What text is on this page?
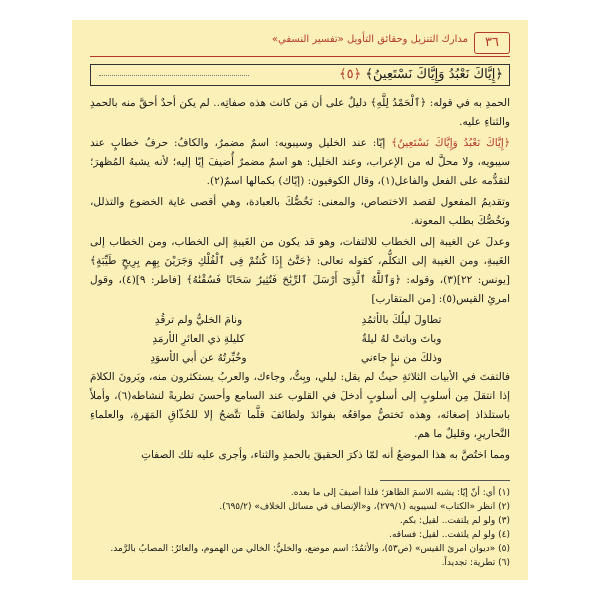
٣٦
مدارك التنزيل وحقائق التأويل «تفسير النسفي»
﴿إِيَّاكَ نَعْبُدُ وَإِيَّاكَ نَسْتَعِينُ﴾ ﴿٥﴾

الحمدِ به في قوله: ﴿ٱلْحَمْدُ لِلَّهِ﴾ دليلٌ على أن مَن كانت هذه صفاتِه.. لم يكن أحدٌ أحقَّ منه بالحمدِ والثناءِ عليه.

﴿إِيَّاكَ نَعْبُدُ وَإِيَّاكَ نَسْتَعِينُ﴾ إيّا: عند الخليل وسيبويه: اسمٌ مضمرٌ، والكافُ: حرفُ خطابٍ عند سيبويه، ولا محلَّ له من الإعراب، وعند الخليل: هو اسمٌ مضمرٌ أُضيفَ إيّا إليه؛ لأنه يشبهُ المُظهرَ؛ لتقدُّمه على الفعل والفاعل(١)، وقال الكوفيون: (إيّاك) بكمالها اسمٌ(٢).

وتقديمُ المفعول لقصد الاختصاص، والمعنى: نَخُصُّكَ بالعبادة، وهي أقصى غاية الخضوع والتذلل، ونَخُصُّكَ بطلب المعونة.

وعدلَ عن الغيبة إلى الخطاب للالتفات، وهو قد يكون من الغَيبةِ إلى الخطاب، ومن الخطاب إلى الغَيبةِ، ومن الغيبة إلى التكلُّم، كقوله تعالى: ﴿حَتَّىٰٓ إِذَا كُنتُمْ فِى ٱلْفُلْكِ وَجَرَيْنَ بِهِم بِرِيحٍ طَيِّبَةٍ﴾ [يونس: ٢٢](٣)، وقوله: ﴿وَٱللَّهُ ٱلَّذِىٓ أَرْسَلَ ٱلرِّيَٰحَ فَتُثِيرُ سَحَابًا فَسُقْنَٰهُ﴾ [فاطر: ٩](٤)، وقول امرئِ القيس(٥): [من المتقارب]

تطاولَ ليلُكَ بالأثمُدِ
ونامَ الخليُّ ولم ترقُدِ
وباتَ وباتتْ لهُ ليلةٌ
كليلةِ ذي العائرِ الأرمَدِ
وذلكَ من نبإٍ جاءني
وخُبِّرتُهُ عن أبي الأسوَدِ

فالتفتَ في الأبيات الثلاثةِ حيثُ لم يقل: ليلي، وبِتُّ، وجاءك، والعربُ يستكثرون منه، ويَرونَ الكلامَ إذا انتقلَ مِن أسلوبٍ إلى أسلوبٍ أدخلَ في القلوب عند السامع وأحسنَ تطريةً لنشاطه(٦)، وأملأَ باستلذاذ إصغائه، وهذه تَختصُّ مواقعُه بفوائدَ ولطائفَ قلَّما تتَّضحُ إلا للحُذّاقِ المَهَرةِ، والعلماءِ النَّحاريرِ، وقليلٌ ما هم.

ومما اختُصَّ به هذا الموضعُ أنه لمّا ذكرَ الحقيقَ بالحمدِ والثناء، وأجرى عليه تلك الصفاتِ

(١) أي: أنّ إيّا: يشبه الاسمَ الظاهرَ؛ فلذا أُضيفَ إلى ما بعده.
(٢) انظر «الكتاب» لسيبويه (٢٧٩/١)، و«الإنصاف في مسائل الخلاف» (٦٩٥/٢).
(٣) ولو لم يلتفت.. لقيل: بكم.
(٤) ولو لم يلتفت.. لقيل: فساقه.
(٥) «ديوان امرئ القيس» (ص٥٣)، والأثمُدُ: اسم موضع، والخليُّ: الخالي من الهموم، والعائرُ: المصابُ بالرَّمد.
(٦) تطرية: تجديداً.
